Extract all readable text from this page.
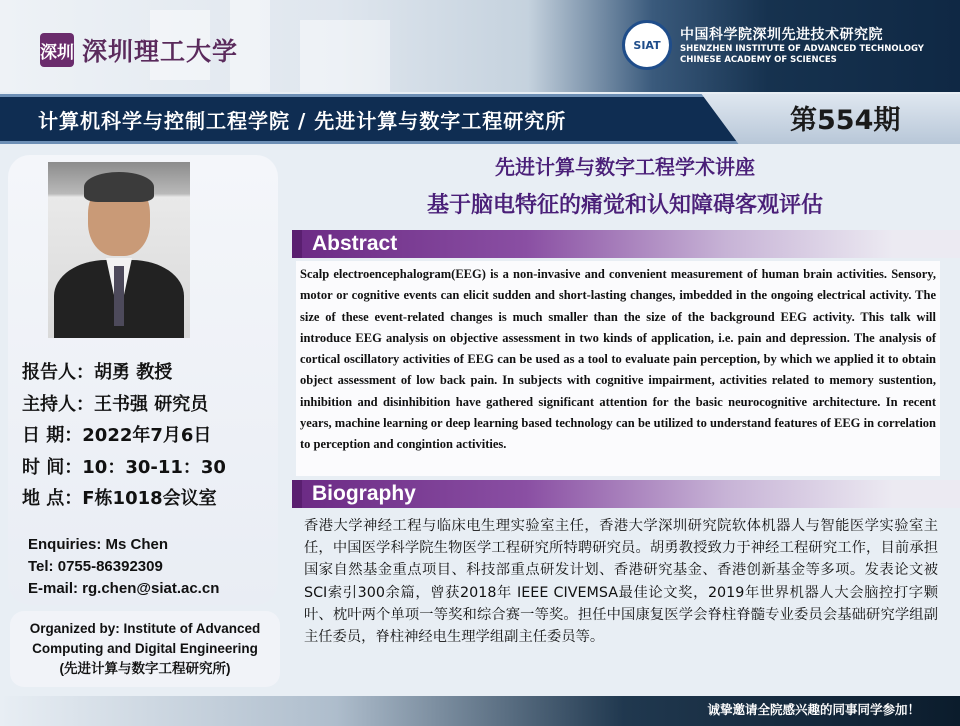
深圳 深圳理工大学	SIAT
中国科学院深圳先进技术研究院
SHENZHEN INSTITUTE OF ADVANCED TECHNOLOGY
CHINESE ACADEMY OF SCIENCES
计算机科学与控制工程学院 / 先进计算与数字工程研究所	第554期
报告人：胡勇 教授
主持人：王书强 研究员
日 期：2022年7月6日
时 间：10：30-11：30
地 点：F栋1018会议室
Enquiries: Ms Chen
Tel: 0755-86392309
E-mail: rg.chen@siat.ac.cn
Organized by: Institute of Advanced
Computing and Digital Engineering
(先进计算与数字工程研究所)
先进计算与数字工程学术讲座
基于脑电特征的痛觉和认知障碍客观评估
Abstract
Scalp electroencephalogram(EEG) is a non-invasive and convenient measurement of human brain activities. Sensory, motor or cognitive events can elicit sudden and short-lasting changes, imbedded in the ongoing electrical activity. The size of these event-related changes is much smaller than the size of the background EEG activity. This talk will introduce EEG analysis on objective assessment in two kinds of application, i.e. pain and depression. The analysis of cortical oscillatory activities of EEG can be used as a tool to evaluate pain perception, by which we applied it to obtain object assessment of low back pain. In subjects with cognitive impairment, activities related to memory sustention, inhibition and disinhibition have gathered significant attention for the basic neurocognitive architecture. In recent years, machine learning or deep learning based technology can be utilized to understand features of EEG in correlation to perception and congintion activities.
Biography
香港大学神经工程与临床电生理实验室主任，香港大学深圳研究院软体机器人与智能医学实验室主任，中国医学科学院生物医学工程研究所特聘研究员。胡勇教授致力于神经工程研究工作，目前承担国家自然基金重点项目、科技部重点研发计划、香港研究基金、香港创新基金等多项。发表论文被SCI索引300余篇，曾获2018年 IEEE CIVEMSA最佳论文奖，2019年世界机器人大会脑控打字颗叶、枕叶两个单项一等奖和综合赛一等奖。担任中国康复医学会脊柱脊髓专业委员会基础研究学组副主任委员，脊柱神经电生理学组副主任委员等。
诚挚邀请全院感兴趣的同事同学参加！
